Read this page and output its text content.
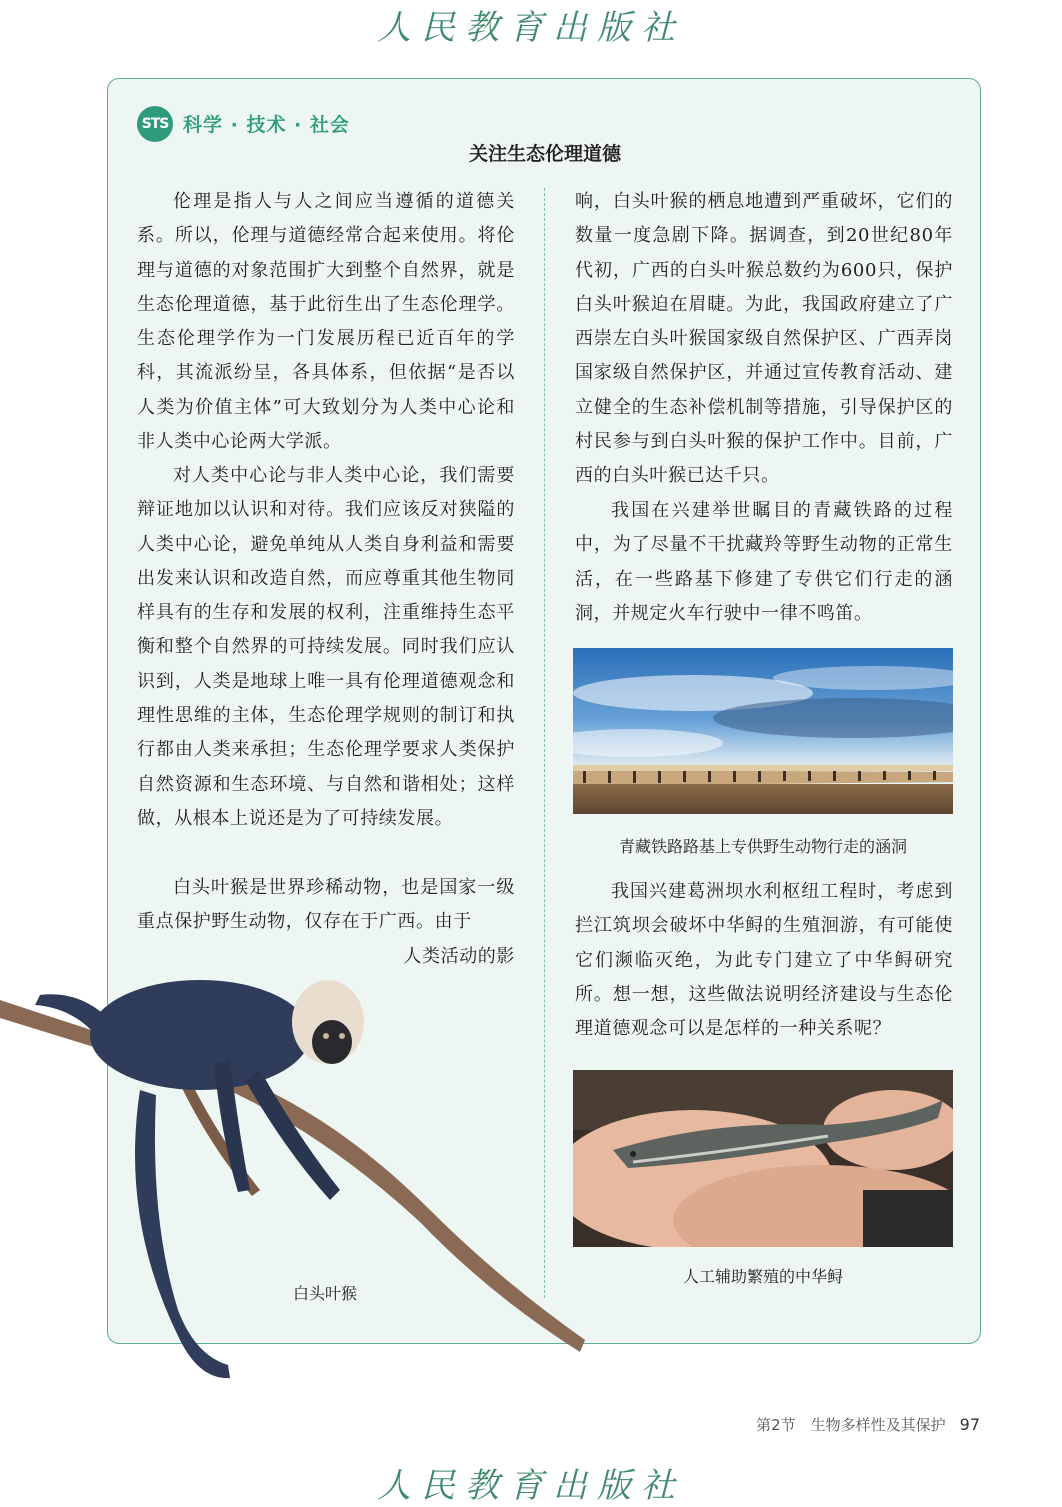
人民教育出版社
STS 科学 · 技术 · 社会
关注生态伦理道德

伦理是指人与人之间应当遵循的道德关系。所以，伦理与道德经常合起来使用。将伦理与道德的对象范围扩大到整个自然界，就是生态伦理道德，基于此衍生出了生态伦理学。生态伦理学作为一门发展历程已近百年的学科，其流派纷呈，各具体系，但依据“是否以人类为价值主体”可大致划分为人类中心论和非人类中心论两大学派。

对人类中心论与非人类中心论，我们需要辩证地加以认识和对待。我们应该反对狭隘的人类中心论，避免单纯从人类自身利益和需要出发来认识和改造自然，而应尊重其他生物同样具有的生存和发展的权利，注重维持生态平衡和整个自然界的可持续发展。同时我们应认识到，人类是地球上唯一具有伦理道德观念和理性思维的主体，生态伦理学规则的制订和执行都由人类来承担；生态伦理学要求人类保护自然资源和生态环境、与自然和谐相处；这样做，从根本上说还是为了可持续发展。

白头叶猴是世界珍稀动物，也是国家一级重点保护野生动物，仅存在于广西。由于

人类活动的影

响，白头叶猴的栖息地遭到严重破坏，它们的数量一度急剧下降。据调查，到20世纪80年代初，广西的白头叶猴总数约为600只，保护白头叶猴迫在眉睫。为此，我国政府建立了广西崇左白头叶猴国家级自然保护区、广西弄岗国家级自然保护区，并通过宣传教育活动、建立健全的生态补偿机制等措施，引导保护区的村民参与到白头叶猴的保护工作中。目前，广西的白头叶猴已达千只。

我国在兴建举世瞩目的青藏铁路的过程中，为了尽量不干扰藏羚等野生动物的正常生活，在一些路基下修建了专供它们行走的涵洞，并规定火车行驶中一律不鸣笛。

青藏铁路路基上专供野生动物行走的涵洞

我国兴建葛洲坝水利枢纽工程时，考虑到拦江筑坝会破坏中华鲟的生殖洄游，有可能使它们濒临灭绝，为此专门建立了中华鲟研究所。想一想，这些做法说明经济建设与生态伦理道德观念可以是怎样的一种关系呢？

人工辅助繁殖的中华鲟
白头叶猴
第2节　生物多样性及其保护 97
人民教育出版社
